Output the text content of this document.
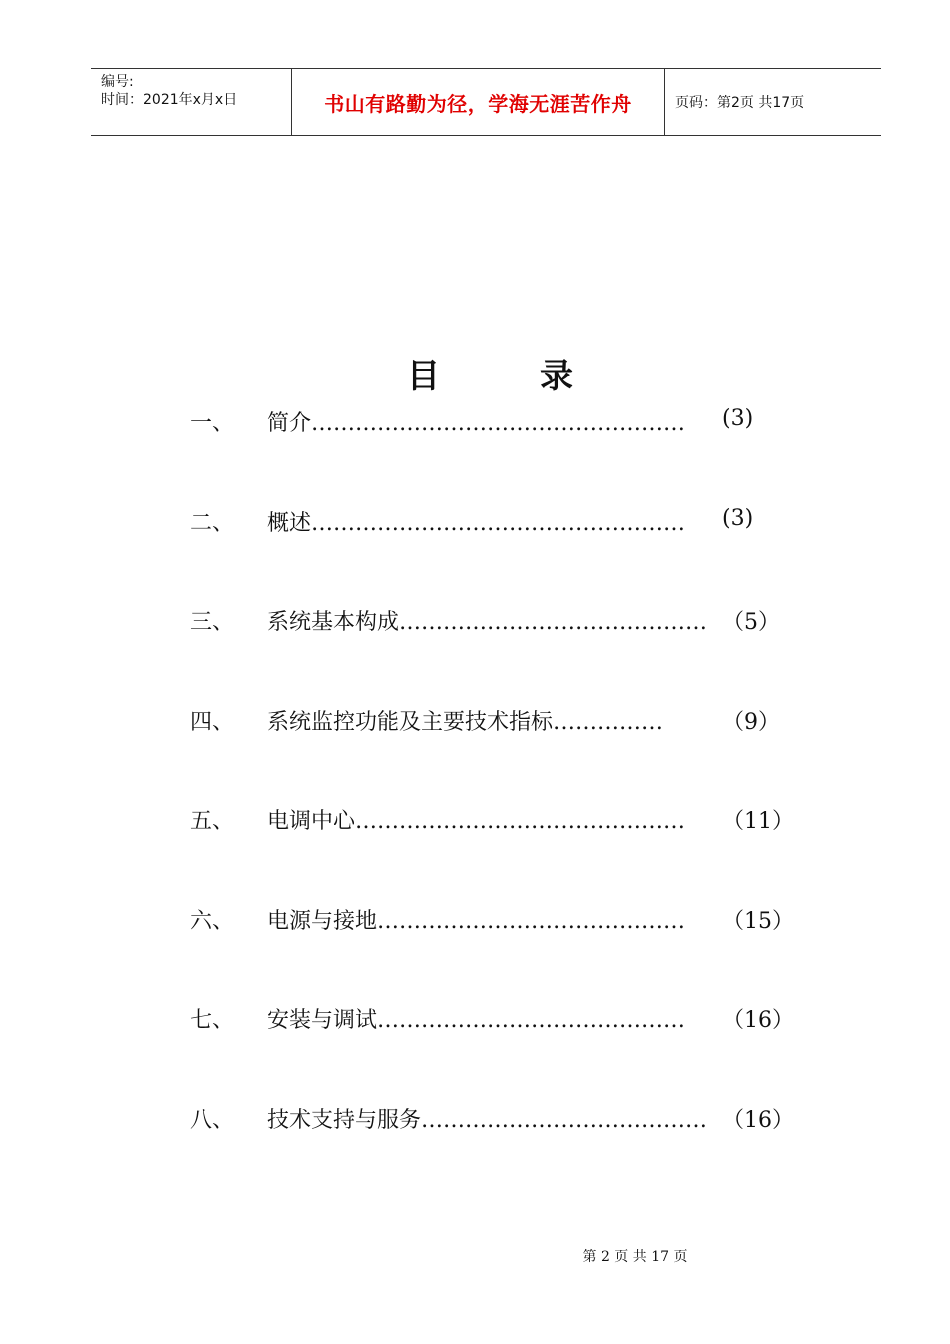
编号:
时间：2021年x月x日	书山有路勤为径，学海无涯苦作舟	页码：第2页 共17页
目	录
一、 简介……………………………………………	(3)
二、 概述……………………………………………	(3)
三、 系统基本构成…………………………………… （5）
四、 系统监控功能及主要技术指标……………	（9）
五、 电调中心………………………………………	（11）
六、 电源与接地……………………………………	（15）
七、 安装与调试……………………………………	（16）
八、 技术支持与服务………………………………… （16）
第 2 页 共 17 页
